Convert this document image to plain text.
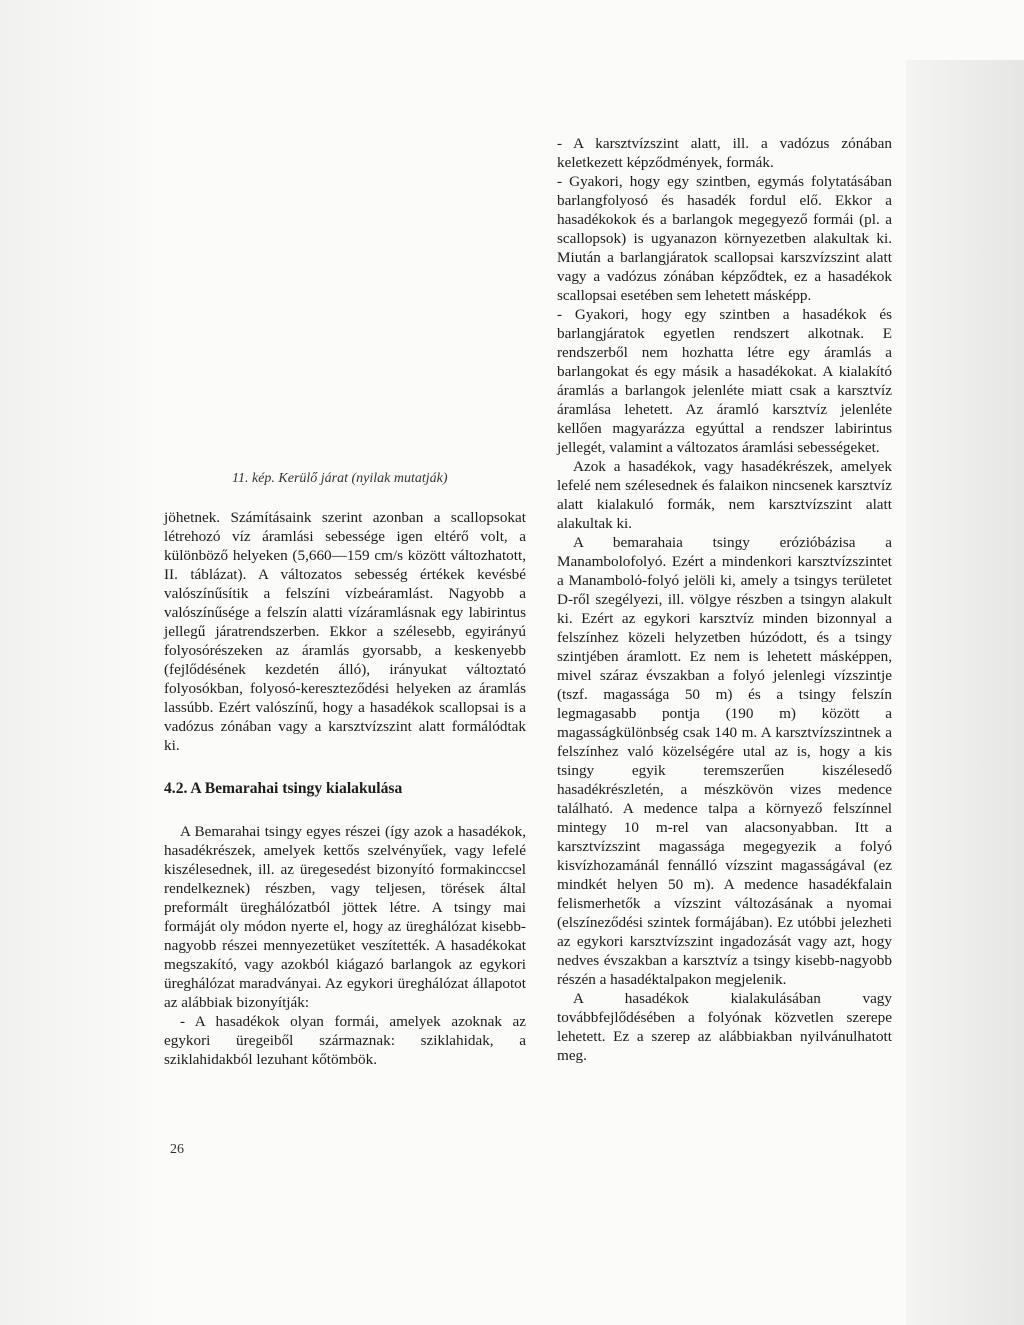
11. kép. Kerülő járat (nyilak mutatják)

jöhetnek. Számításaink szerint azonban a scallopsokat létrehozó víz áramlási sebessége igen eltérő volt, a különböző helyeken (5,660—159 cm/s között változhatott, II. táblázat). A változatos sebesség értékek kevésbé valószínűsítik a felszíni vízbeáramlást. Nagyobb a valószínűsége a felszín alatti vízáramlásnak egy labirintus jellegű járatrendszerben. Ekkor a szélesebb, egyirányú folyosórészeken az áramlás gyorsabb, a keskenyebb (fejlődésének kezdetén álló), irányukat változtató folyosókban, folyosó-kereszteződési helyeken az áramlás lassúbb. Ezért valószínű, hogy a hasadékok scallopsai is a vadózus zónában vagy a karsztvízszint alatt formálódtak ki.

4.2. A Bemarahai tsingy kialakulása

A Bemarahai tsingy egyes részei (így azok a hasadékok, hasadékrészek, amelyek kettős szelvényűek, vagy lefelé kiszélesednek, ill. az üregesedést bizonyító formakinccsel rendelkeznek) részben, vagy teljesen, törések által preformált üreghálózatból jöttek létre. A tsingy mai formáját oly módon nyerte el, hogy az üreghálózat kisebb-nagyobb részei mennyezetüket veszítették. A hasadékokat megszakító, vagy azokból kiágazó barlangok az egykori üreghálózat maradványai. Az egykori üreghálózat állapotot az alábbiak bizonyítják:

- A hasadékok olyan formái, amelyek azoknak az egykori üregeiből származnak: sziklahidak, a sziklahidakból lezuhant kőtömbök.

- A karsztvízszint alatt, ill. a vadózus zónában keletkezett képződmények, formák.

- Gyakori, hogy egy szintben, egymás folytatásában barlangfolyosó és hasadék fordul elő. Ekkor a hasadékokok és a barlangok megegyező formái (pl. a scallopsok) is ugyanazon környezetben alakultak ki. Miután a barlangjáratok scallopsai karszvízszint alatt vagy a vadózus zónában képződtek, ez a hasadékok scallopsai esetében sem lehetett másképp.

- Gyakori, hogy egy szintben a hasadékok és barlangjáratok egyetlen rendszert alkotnak. E rendszerből nem hozhatta létre egy áramlás a barlangokat és egy másik a hasadékokat. A kialakító áramlás a barlangok jelenléte miatt csak a karsztvíz áramlása lehetett. Az áramló karsztvíz jelenléte kellően magyarázza egyúttal a rendszer labirintus jellegét, valamint a változatos áramlási sebességeket.

Azok a hasadékok, vagy hasadékrészek, amelyek lefelé nem szélesednek és falaikon nincsenek karsztvíz alatt kialakuló formák, nem karsztvízszint alatt alakultak ki.

A bemarahaia tsingy erózióbázisa a Manambolofolyó. Ezért a mindenkori karsztvízszintet a Manambolό-folyó jelöli ki, amely a tsingys területet D-ről szegélyezi, ill. völgye részben a tsingyn alakult ki. Ezért az egykori karsztvíz minden bizonnyal a felszínhez közeli helyzetben húzódott, és a tsingy szintjében áramlott. Ez nem is lehetett másképpen, mivel száraz évszakban a folyó jelenlegi vízszintje (tszf. magassága 50 m) és a tsingy felszín legmagasabb pontja (190 m) között a magasságkülönbség csak 140 m. A karsztvízszintnek a felszínhez való közelségére utal az is, hogy a kis tsingy egyik teremszerűen kiszélesedő hasadékrészletén, a mészkövön vizes medence található. A medence talpa a környező felszínnel mintegy 10 m-rel van alacsonyabban. Itt a karsztvízszint magassága megegyezik a folyó kisvízhozamánál fennálló vízszint magasságával (ez mindkét helyen 50 m). A medence hasadékfalain felismerhetők a vízszint változásának a nyomai (elszíneződési szintek formájában). Ez utóbbi jelezheti az egykori karsztvízszint ingadozását vagy azt, hogy nedves évszakban a karsztvíz a tsingy kisebb-nagyobb részén a hasadéktalpakon megjelenik.

A hasadékok kialakulásában vagy továbbfejlődésében a folyónak közvetlen szerepe lehetett. Ez a szerep az alábbiakban nyilvánulhatott meg.

26
